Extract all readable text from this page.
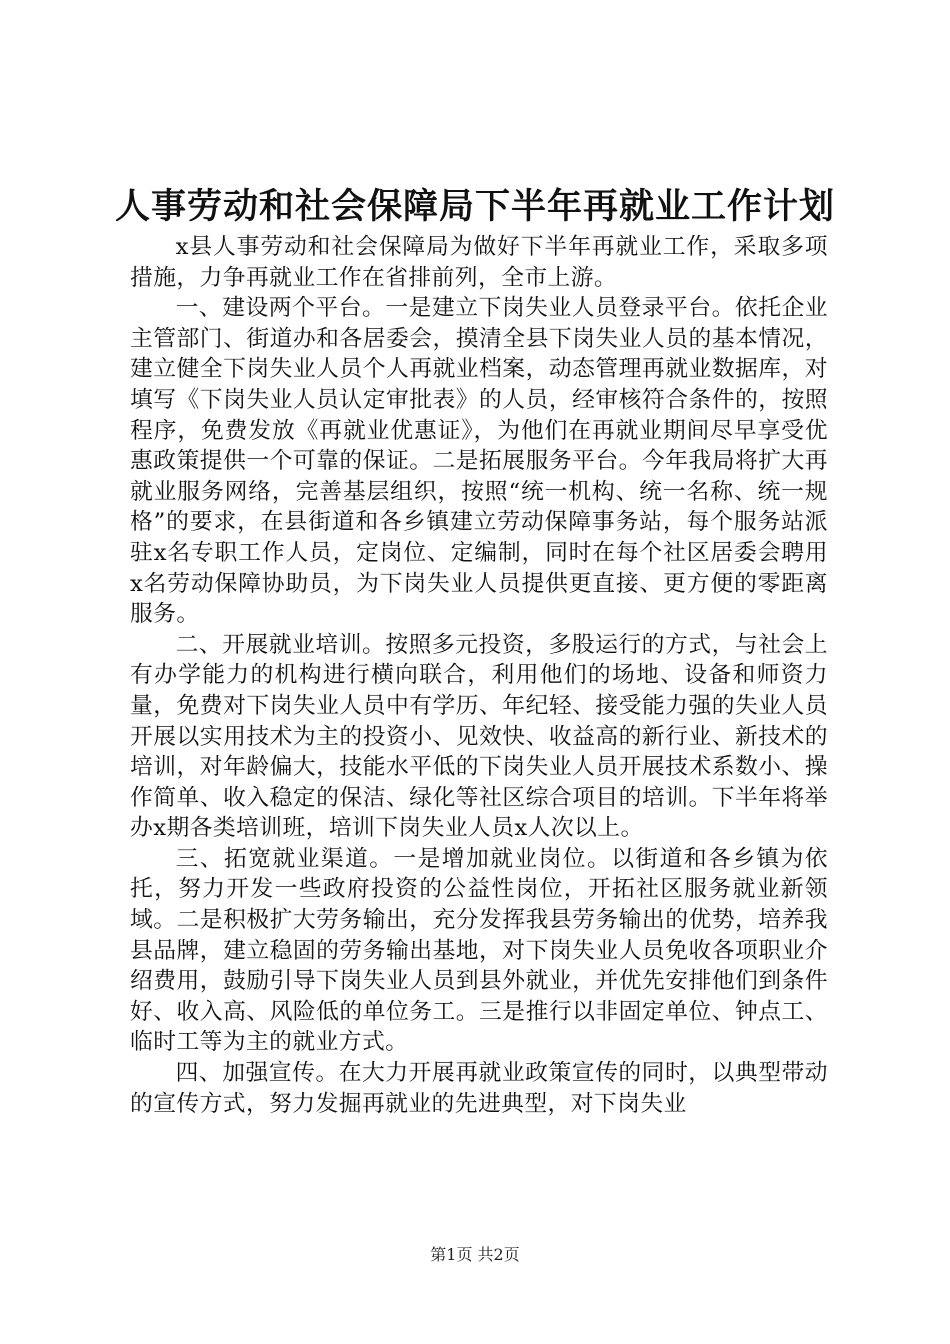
人事劳动和社会保障局下半年再就业工作计划

x县人事劳动和社会保障局为做好下半年再就业工作，采取多项措施，力争再就业工作在省排前列，全市上游。

一、建设两个平台。一是建立下岗失业人员登录平台。依托企业主管部门、街道办和各居委会，摸清全县下岗失业人员的基本情况，建立健全下岗失业人员个人再就业档案，动态管理再就业数据库，对填写《下岗失业人员认定审批表》的人员，经审核符合条件的，按照程序，免费发放《再就业优惠证》，为他们在再就业期间尽早享受优惠政策提供一个可靠的保证。二是拓展服务平台。今年我局将扩大再就业服务网络，完善基层组织，按照“统一机构、统一名称、统一规格”的要求，在县街道和各乡镇建立劳动保障事务站，每个服务站派驻x名专职工作人员，定岗位、定编制，同时在每个社区居委会聘用x名劳动保障协助员，为下岗失业人员提供更直接、更方便的零距离服务。

二、开展就业培训。按照多元投资，多股运行的方式，与社会上有办学能力的机构进行横向联合，利用他们的场地、设备和师资力量，免费对下岗失业人员中有学历、年纪轻、接受能力强的失业人员开展以实用技术为主的投资小、见效快、收益高的新行业、新技术的培训，对年龄偏大，技能水平低的下岗失业人员开展技术系数小、操作简单、收入稳定的保洁、绿化等社区综合项目的培训。下半年将举办x期各类培训班，培训下岗失业人员x人次以上。

三、拓宽就业渠道。一是增加就业岗位。以街道和各乡镇为依托，努力开发一些政府投资的公益性岗位，开拓社区服务就业新领域。二是积极扩大劳务输出，充分发挥我县劳务输出的优势，培养我县品牌，建立稳固的劳务输出基地，对下岗失业人员免收各项职业介绍费用，鼓励引导下岗失业人员到县外就业，并优先安排他们到条件好、收入高、风险低的单位务工。三是推行以非固定单位、钟点工、临时工等为主的就业方式。

四、加强宣传。在大力开展再就业政策宣传的同时，以典型带动的宣传方式，努力发掘再就业的先进典型，对下岗失业

第1页 共2页
